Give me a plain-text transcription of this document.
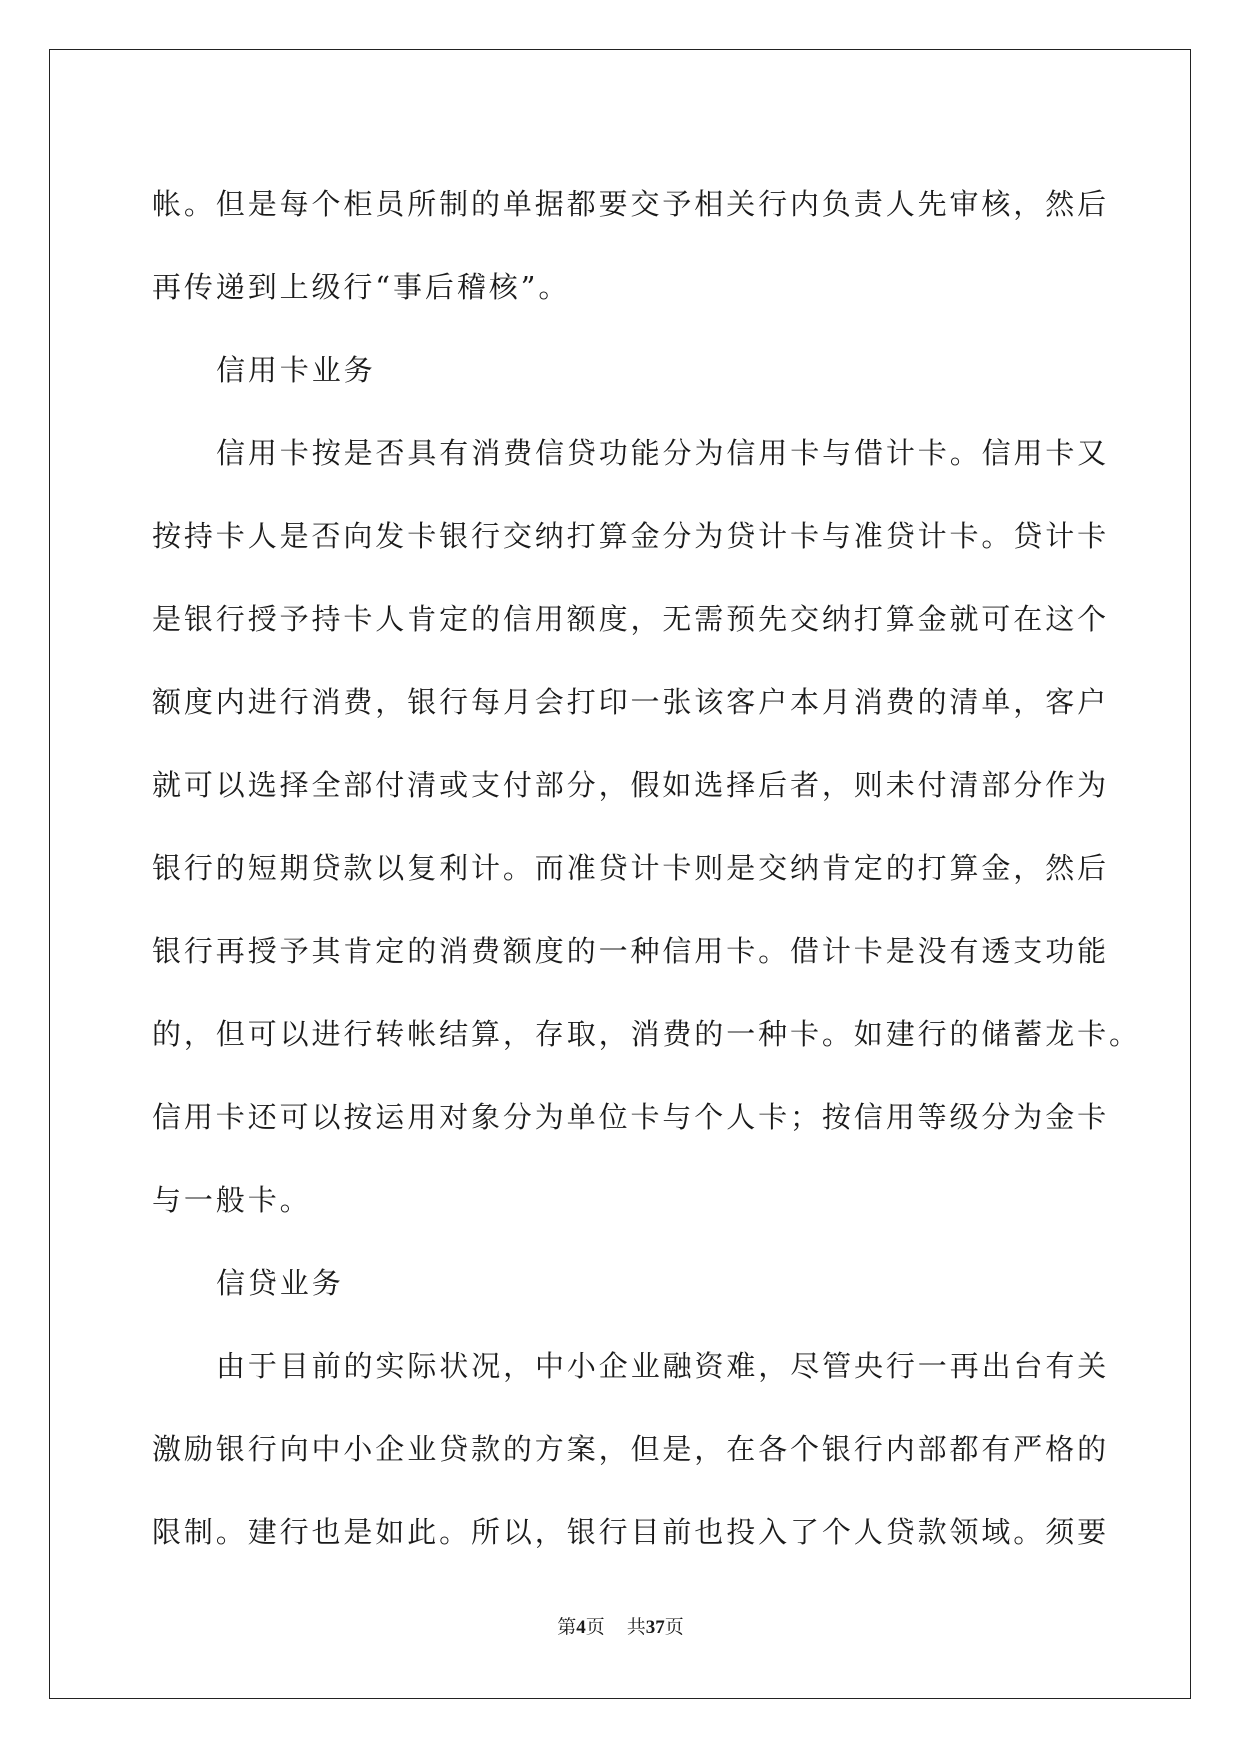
帐。但是每个柜员所制的单据都要交予相关行内负责人先审核，然后
再传递到上级行“事后稽核”。
信用卡业务
信用卡按是否具有消费信贷功能分为信用卡与借计卡。信用卡又
按持卡人是否向发卡银行交纳打算金分为贷计卡与准贷计卡。贷计卡
是银行授予持卡人肯定的信用额度，无需预先交纳打算金就可在这个
额度内进行消费，银行每月会打印一张该客户本月消费的清单，客户
就可以选择全部付清或支付部分，假如选择后者，则未付清部分作为
银行的短期贷款以复利计。而准贷计卡则是交纳肯定的打算金，然后
银行再授予其肯定的消费额度的一种信用卡。借计卡是没有透支功能
的，但可以进行转帐结算，存取，消费的一种卡。如建行的储蓄龙卡。
信用卡还可以按运用对象分为单位卡与个人卡；按信用等级分为金卡
与一般卡。
信贷业务
由于目前的实际状况，中小企业融资难，尽管央行一再出台有关
激励银行向中小企业贷款的方案，但是，在各个银行内部都有严格的
限制。建行也是如此。所以，银行目前也投入了个人贷款领域。须要
第4页 共37页
